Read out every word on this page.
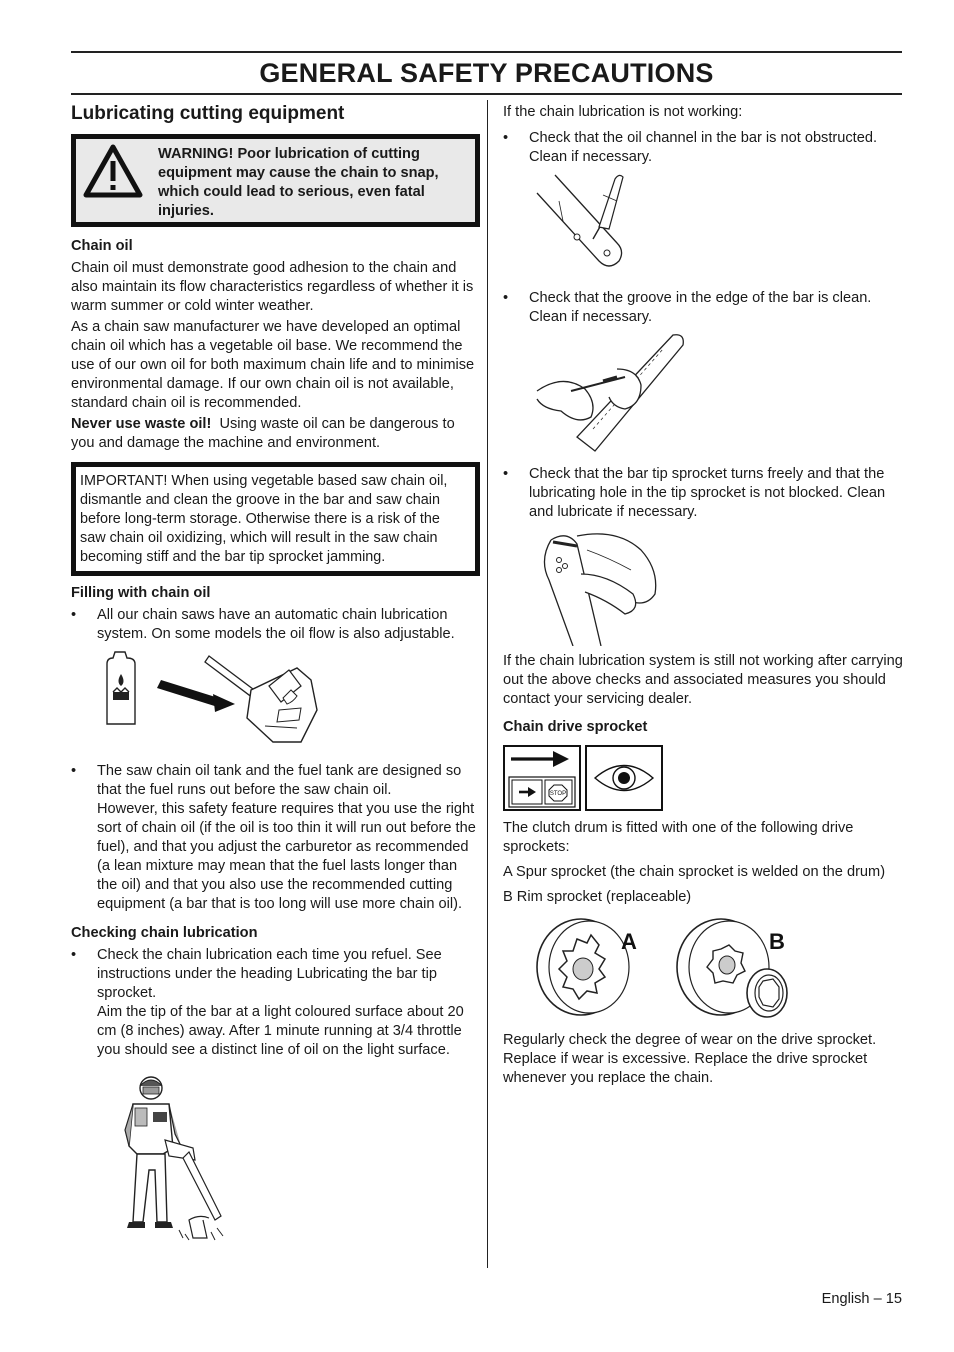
GENERAL SAFETY PRECAUTIONS
Lubricating cutting equipment
WARNING! Poor lubrication of cutting equipment may cause the chain to snap, which could lead to serious, even fatal injuries.
Chain oil

Chain oil must demonstrate good adhesion to the chain and also maintain its flow characteristics regardless of whether it is warm summer or cold winter weather.

As a chain saw manufacturer we have developed an optimal chain oil which has a vegetable oil base. We recommend the use of our own oil for both maximum chain life and to minimise environmental damage. If our own chain oil is not available, standard chain oil is recommended.

Never use waste oil! Using waste oil can be dangerous to you and damage the machine and environment.

IMPORTANT! When using vegetable based saw chain oil, dismantle and clean the groove in the bar and saw chain before long-term storage. Otherwise there is a risk of the saw chain oil oxidizing, which will result in the saw chain becoming stiff and the bar tip sprocket jamming.
Filling with chain oil
• All our chain saws have an automatic chain lubrication system. On some models the oil flow is also adjustable.
• The saw chain oil tank and the fuel tank are designed so that the fuel runs out before the saw chain oil.

However, this safety feature requires that you use the right sort of chain oil (if the oil is too thin it will run out before the fuel), and that you adjust the carburetor as recommended (a lean mixture may mean that the fuel lasts longer than the oil) and that you also use the recommended cutting equipment (a bar that is too long will use more chain oil).

Checking chain lubrication
• Check the chain lubrication each time you refuel. See instructions under the heading Lubricating the bar tip sprocket.

Aim the tip of the bar at a light coloured surface about 20 cm (8 inches) away. After 1 minute running at 3/4 throttle you should see a distinct line of oil on the light surface.

If the chain lubrication is not working:

• Check that the oil channel in the bar is not obstructed. Clean if necessary.
• Check that the groove in the edge of the bar is clean. Clean if necessary.
• Check that the bar tip sprocket turns freely and that the lubricating hole in the tip sprocket is not blocked. Clean and lubricate if necessary.

If the chain lubrication system is still not working after carrying out the above checks and associated measures you should contact your servicing dealer.

Chain drive sprocket
STOP

The clutch drum is fitted with one of the following drive sprockets:

A Spur sprocket (the chain sprocket is welded on the drum)

B Rim sprocket (replaceable)

A	B

Regularly check the degree of wear on the drive sprocket. Replace if wear is excessive. Replace the drive sprocket whenever you replace the chain.

English – 15
